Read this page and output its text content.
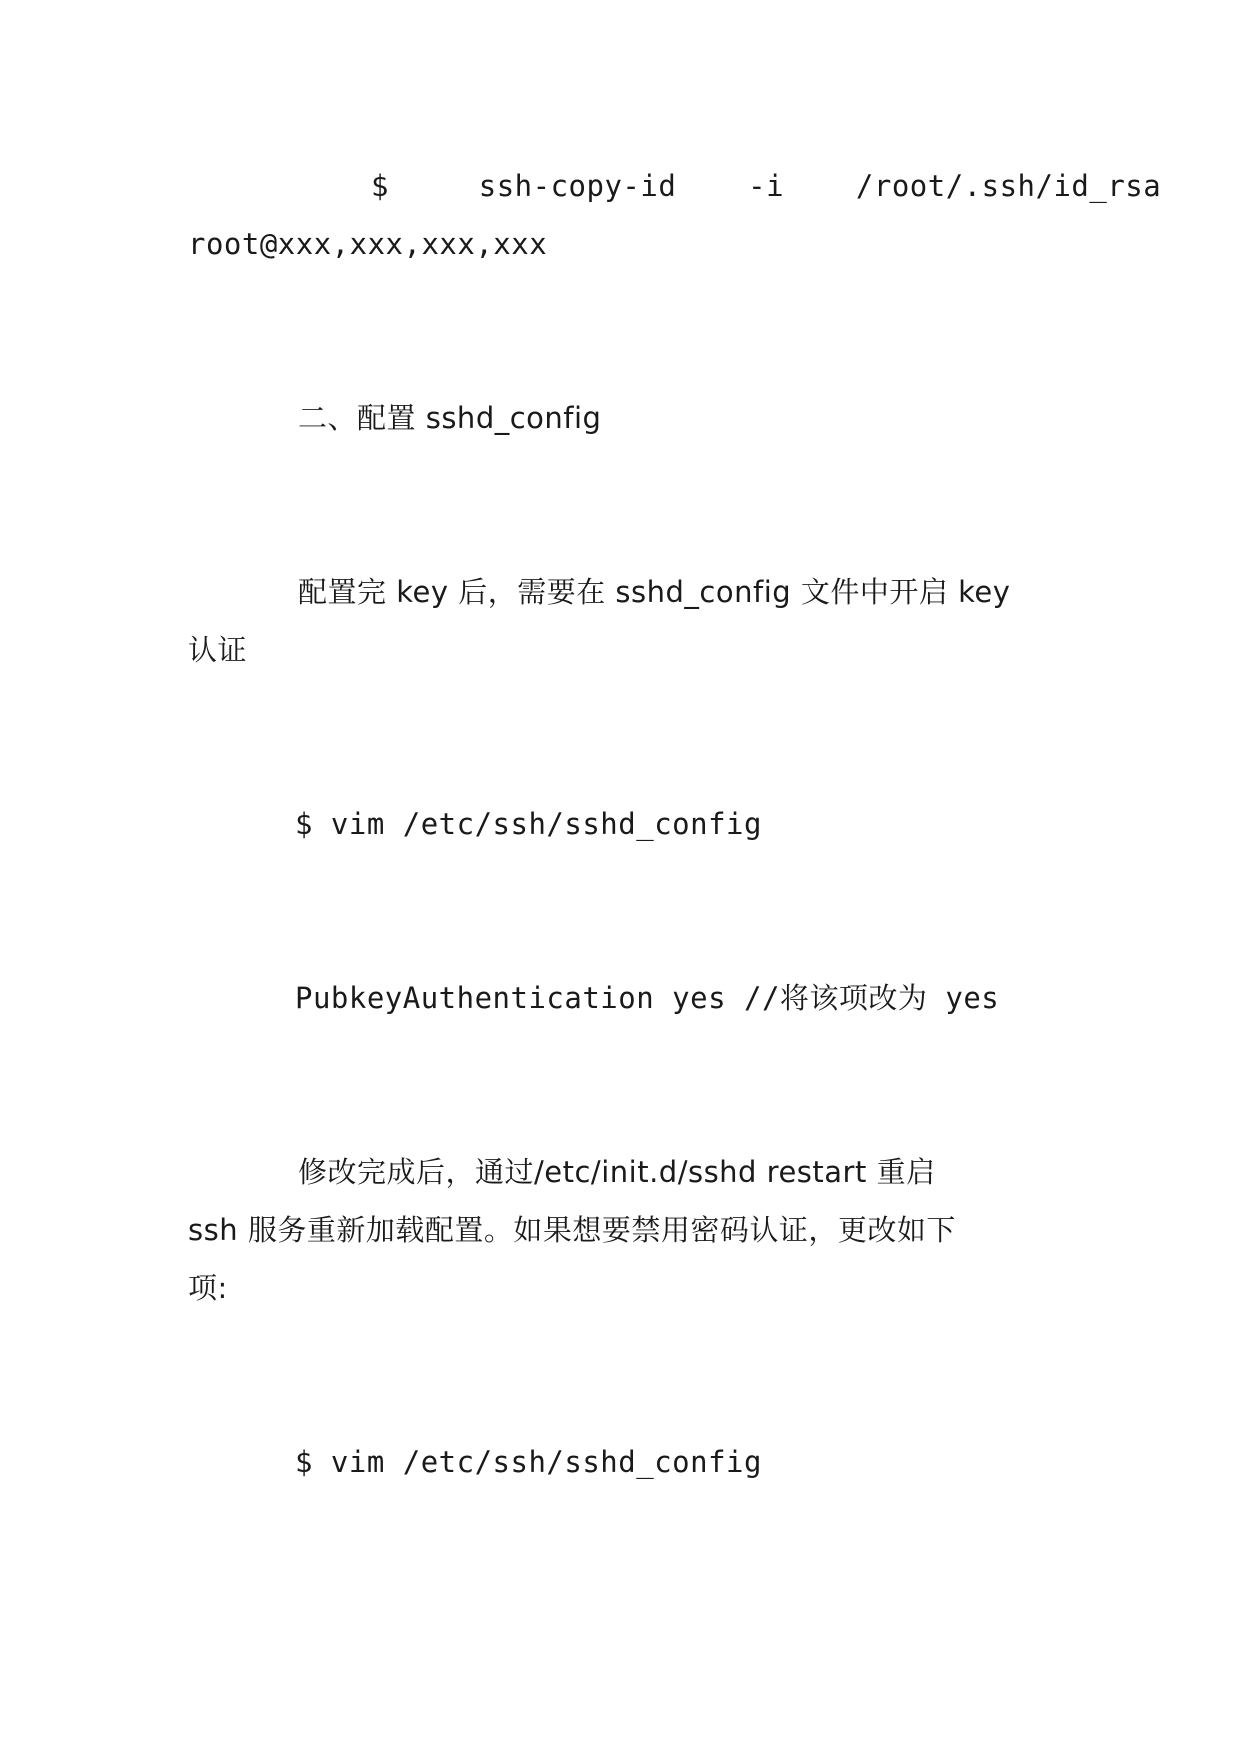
$     ssh-copy-id    -i    /root/.ssh/id_rsa
root@xxx,xxx,xxx,xxx
二、配置 sshd_config
配置完 key 后，需要在 sshd_config 文件中开启 key
认证
$ vim /etc/ssh/sshd_config
PubkeyAuthentication yes //将该项改为 yes
修改完成后，通过/etc/init.d/sshd restart 重启
ssh 服务重新加载配置。如果想要禁用密码认证，更改如下
项:
$ vim /etc/ssh/sshd_config
